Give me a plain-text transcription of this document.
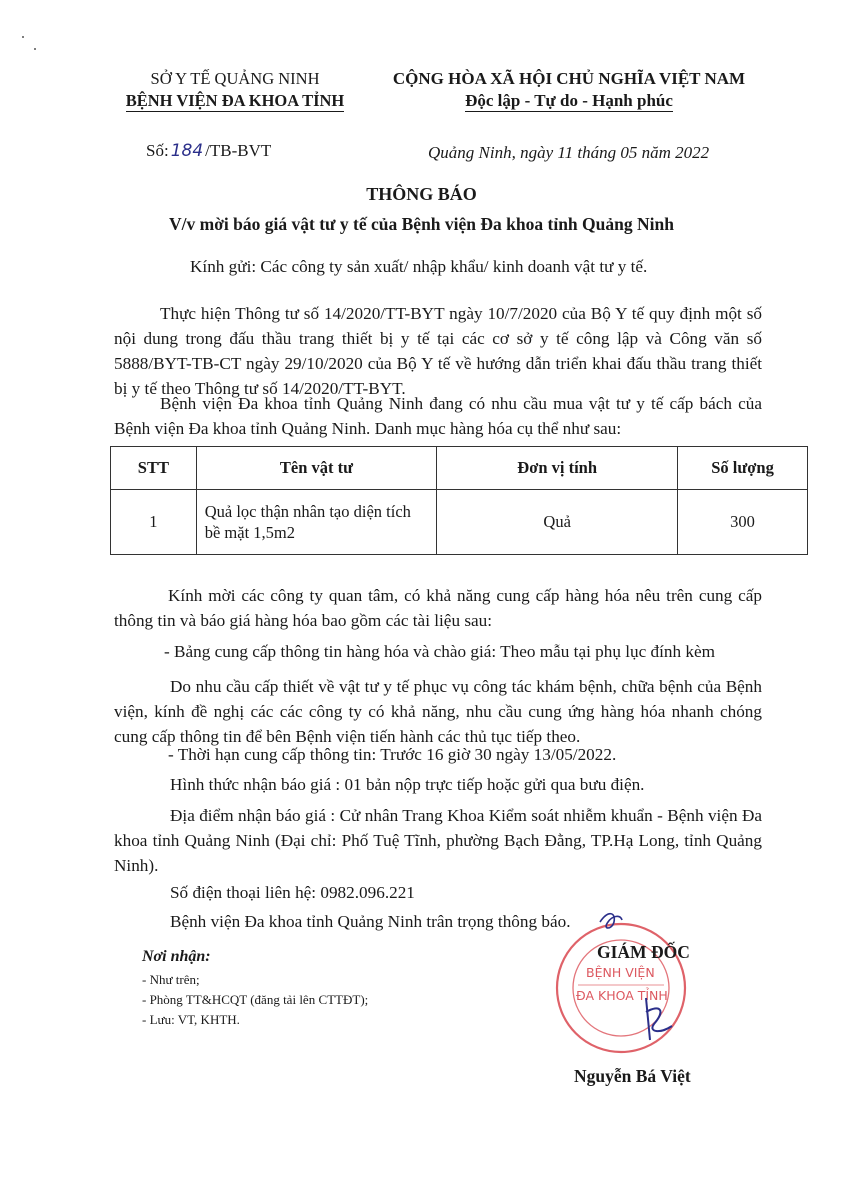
SỞ Y TẾ QUẢNG NINH
BỆNH VIỆN ĐA KHOA TỈNH
CỘNG HÒA XÃ HỘI CHỦ NGHĨA VIỆT NAM
Độc lập - Tự do - Hạnh phúc
Số: 184 /TB-BVT	Quảng Ninh, ngày 11 tháng 05 năm 2022
THÔNG BÁO
V/v mời báo giá vật tư y tế của Bệnh viện Đa khoa tỉnh Quảng Ninh
Kính gửi: Các công ty sản xuất/ nhập khẩu/ kinh doanh vật tư y tế.
Thực hiện Thông tư số 14/2020/TT-BYT ngày 10/7/2020 của Bộ Y tế quy định một số nội dung trong đấu thầu trang thiết bị y tế tại các cơ sở y tế công lập và Công văn số 5888/BYT-TB-CT ngày 29/10/2020 của Bộ Y tế về hướng dẫn triển khai đấu thầu trang thiết bị y tế theo Thông tư số 14/2020/TT-BYT.
Bệnh viện Đa khoa tỉnh Quảng Ninh đang có nhu cầu mua vật tư y tế cấp bách của Bệnh viện Đa khoa tỉnh Quảng Ninh. Danh mục hàng hóa cụ thể như sau:
STT	Tên vật tư	Đơn vị tính	Số lượng
1	Quả lọc thận nhân tạo diện tích bề mặt 1,5m2	Quả	300
Kính mời các công ty quan tâm, có khả năng cung cấp hàng hóa nêu trên cung cấp thông tin và báo giá hàng hóa bao gồm các tài liệu sau:
- Bảng cung cấp thông tin hàng hóa và chào giá: Theo mẫu tại phụ lục đính kèm
Do nhu cầu cấp thiết về vật tư y tế phục vụ công tác khám bệnh, chữa bệnh của Bệnh viện, kính đề nghị các các công ty có khả năng, nhu cầu cung ứng hàng hóa nhanh chóng cung cấp thông tin để bên Bệnh viện tiến hành các thủ tục tiếp theo.
- Thời hạn cung cấp thông tin: Trước 16 giờ 30 ngày 13/05/2022.
Hình thức nhận báo giá : 01 bản nộp trực tiếp hoặc gửi qua bưu điện.
Địa điểm nhận báo giá : Cử nhân Trang Khoa Kiểm soát nhiễm khuẩn - Bệnh viện Đa khoa tỉnh Quảng Ninh (Đại chỉ: Phố Tuệ Tĩnh, phường Bạch Đằng, TP.Hạ Long, tỉnh Quảng Ninh).
Số điện thoại liên hệ: 0982.096.221
Bệnh viện Đa khoa tỉnh Quảng Ninh trân trọng thông báo.
Nơi nhận:
- Như trên;
- Phòng TT&HCQT (đăng tải lên CTTĐT);
- Lưu: VT, KHTH.
BỆNH VIỆN
ĐA KHOA TỈNH
GIÁM ĐỐC
Nguyễn Bá Việt
